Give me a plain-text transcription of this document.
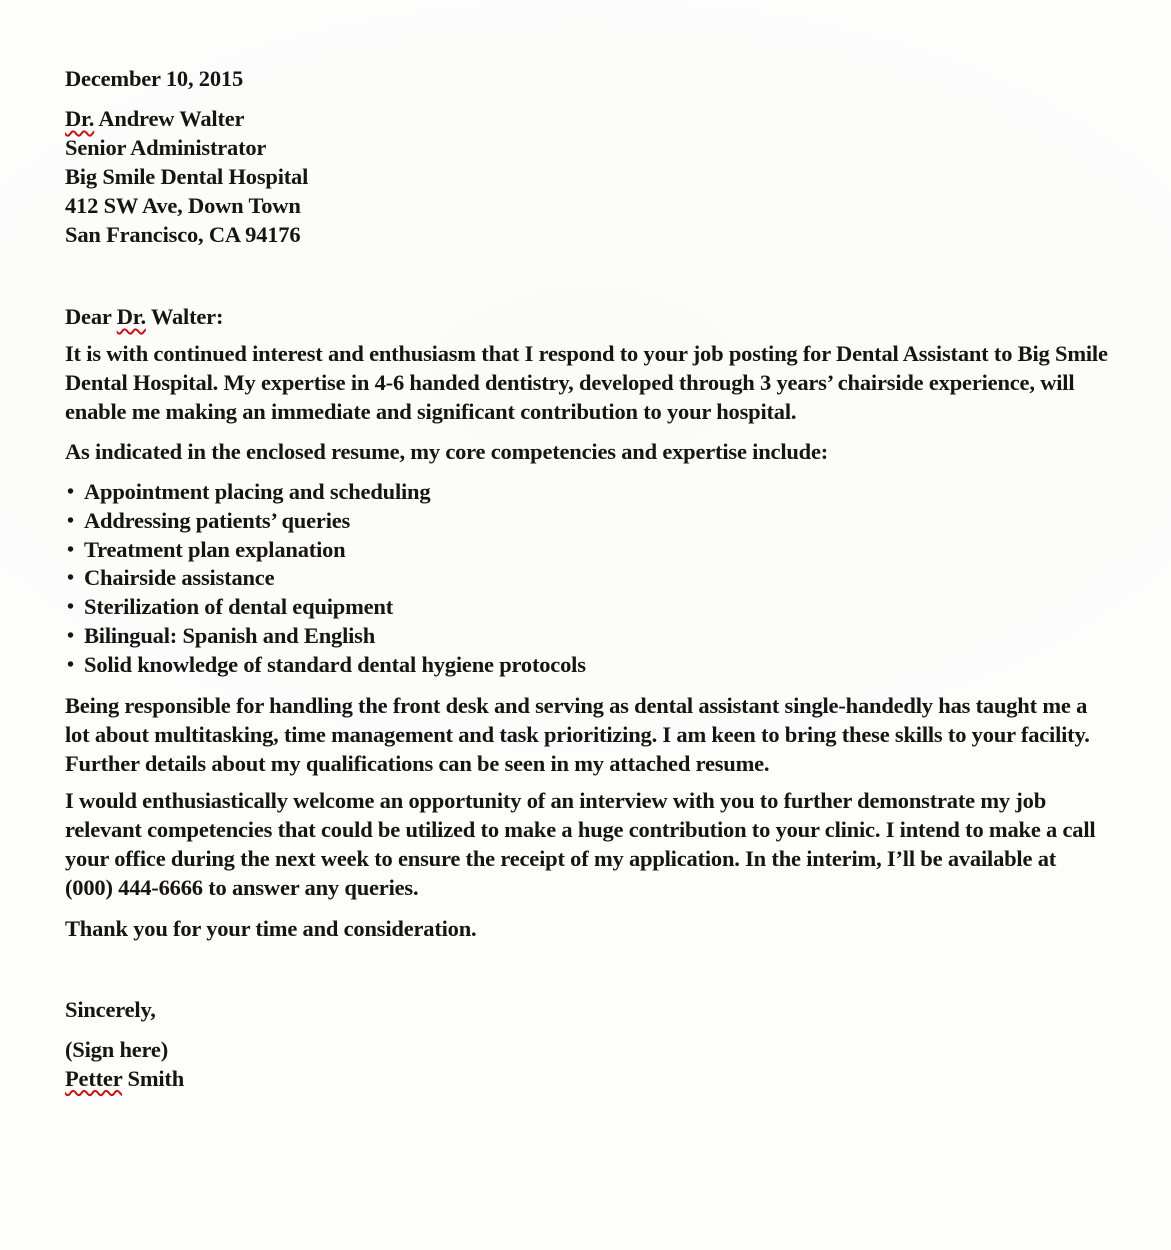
December 10, 2015
Dr. Andrew Walter
Senior Administrator
Big Smile Dental Hospital
412 SW Ave, Down Town
San Francisco, CA 94176
Dear Dr. Walter:

It is with continued interest and enthusiasm that I respond to your job posting for Dental Assistant to Big Smile Dental Hospital. My expertise in 4-6 handed dentistry, developed through 3 years’ chairside experience, will enable me making an immediate and significant contribution to your hospital.

As indicated in the enclosed resume, my core competencies and expertise include:

• Appointment placing and scheduling
• Addressing patients’ queries
• Treatment plan explanation
• Chairside assistance
• Sterilization of dental equipment
• Bilingual: Spanish and English
• Solid knowledge of standard dental hygiene protocols

Being responsible for handling the front desk and serving as dental assistant single-handedly has taught me a lot about multitasking, time management and task prioritizing. I am keen to bring these skills to your facility. Further details about my qualifications can be seen in my attached resume.

I would enthusiastically welcome an opportunity of an interview with you to further demonstrate my job relevant competencies that could be utilized to make a huge contribution to your clinic. I intend to make a call your office during the next week to ensure the receipt of my application. In the interim, I’ll be available at (000) 444-6666 to answer any queries.

Thank you for your time and consideration.

Sincerely,
(Sign here)
Petter Smith
